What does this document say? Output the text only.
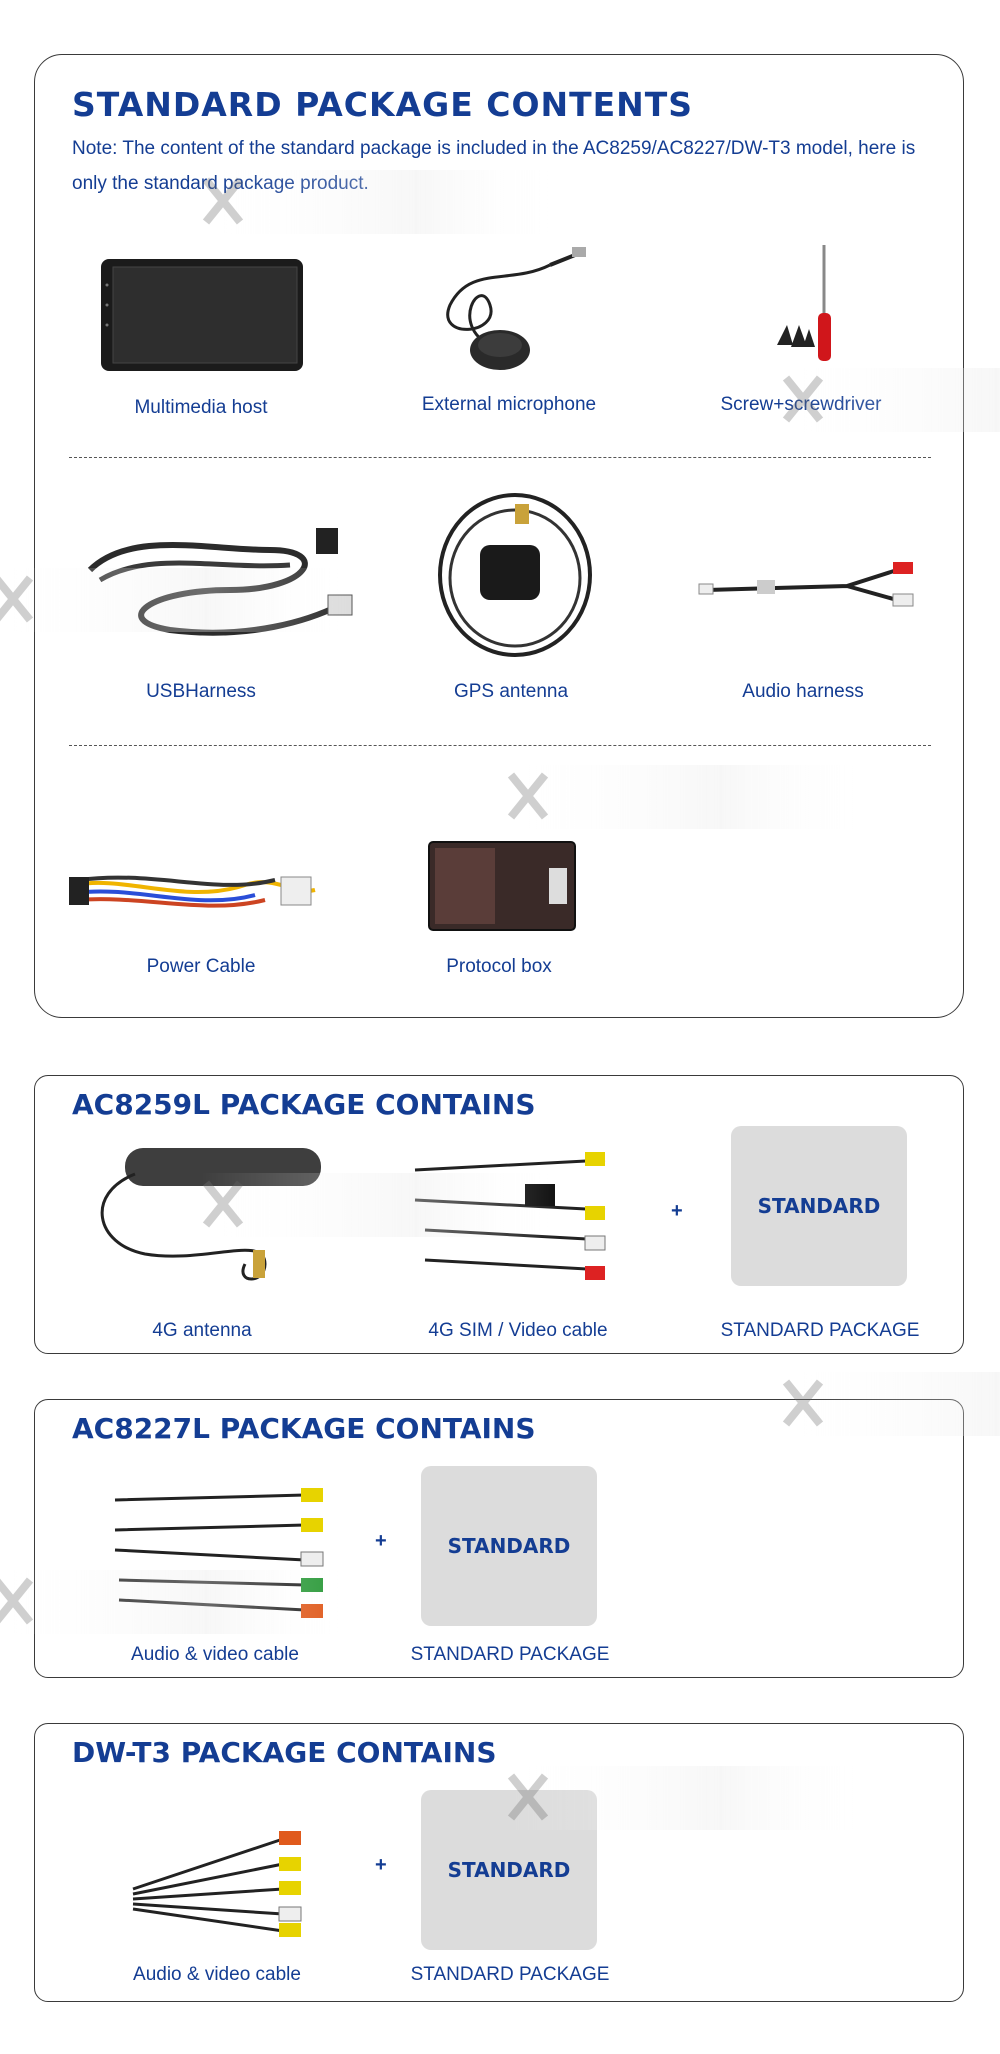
STANDARD PACKAGE CONTENTS

Note: The content of the standard package is included in the AC8259/AC8227/DW-T3 model, here is only the standard package product.

Multimedia host	External microphone	Screw+screwdriver
USBHarness	GPS antenna	Audio harness
Power Cable	Protocol box
AC8259L PACKAGE CONTAINS
4G antenna	4G SIM / Video cable
+	STANDARD
STANDARD PACKAGE
AC8227L PACKAGE CONTAINS
Audio & video cable
+	STANDARD
STANDARD PACKAGE
DW-T3 PACKAGE CONTAINS
Audio & video cable
+	STANDARD
STANDARD PACKAGE
